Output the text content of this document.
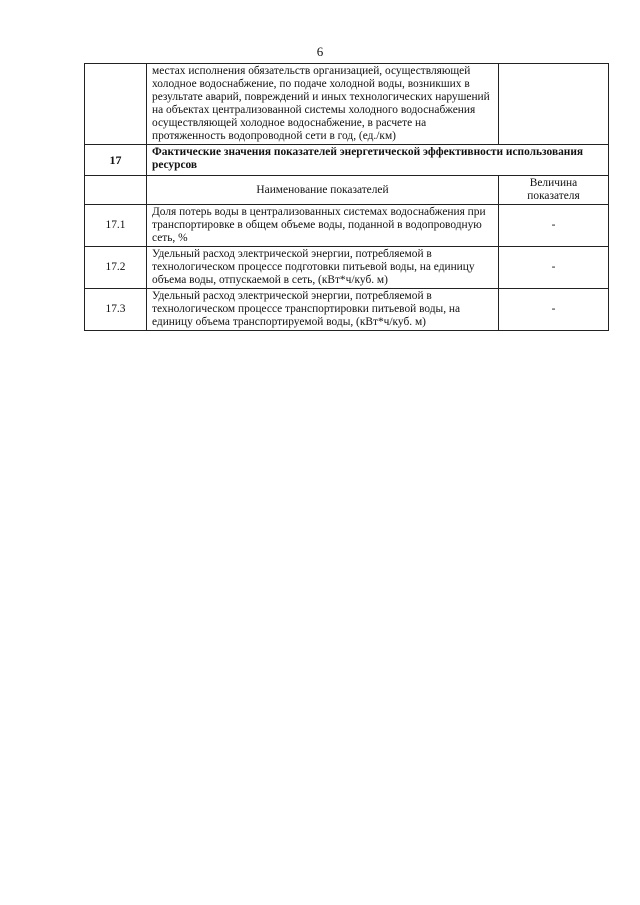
6
	местах исполнения обязательств организацией, осуществляющей холодное водоснабжение, по подаче холодной воды, возникших в результате аварий, повреждений и иных технологических нарушений на объектах централизованной системы холодного водоснабжения осуществляющей холодное водоснабжение, в расчете на протяженность водопроводной сети в год, (ед./км)	
17	Фактические значения показателей энергетической эффективности использования ресурсов	
	Наименование показателей	Величина показателя
17.1	Доля потерь воды в централизованных системах водоснабжения при транспортировке в общем объеме воды, поданной в водопроводную сеть, %	-
17.2	Удельный расход электрической энергии, потребляемой в технологическом процессе подготовки питьевой воды, на единицу объема воды, отпускаемой в сеть, (кВт*ч/куб. м)	-
17.3	Удельный расход электрической энергии, потребляемой в технологическом процессе транспортировки питьевой воды, на единицу объема транспортируемой воды, (кВт*ч/куб. м)	-
